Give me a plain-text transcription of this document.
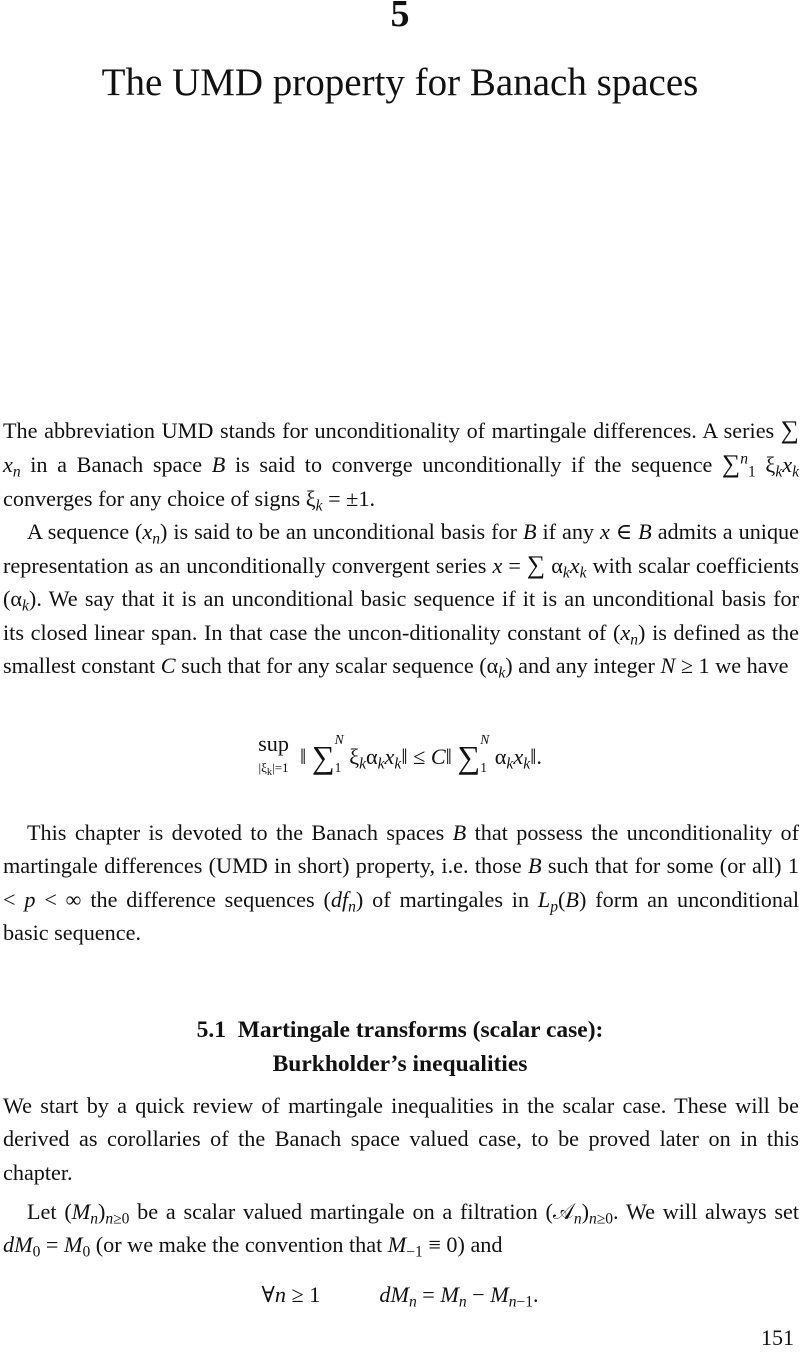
5
The UMD property for Banach spaces

The abbreviation UMD stands for unconditionality of martingale differences. A series ∑ $x_n$ in a Banach space B is said to converge unconditionally if the sequence ∑$^n_1$ $\xi_kx_k$ converges for any choice of signs $\xi_k = \pm 1$.

A sequence $(x_n)$ is said to be an unconditional basis for B if any x ∈ B admits a unique representation as an unconditionally convergent series x = ∑ $\alpha_kx_k$ with scalar coefficients $(\alpha_k)$. We say that it is an unconditional basic sequence if it is an unconditional basis for its closed linear span. In that case the uncon-ditionality constant of $(x_n)$ is defined as the smallest constant C such that for any scalar sequence $(\alpha_k)$ and any integer N ≥ 1 we have

sup
$|\xi_k|=1$ ‖ ∑ N
1 $\xi_k\alpha_kx_k‖$ ≤ C‖ ∑ N
1 $\alpha_kx_k‖$.

This chapter is devoted to the Banach spaces B that possess the unconditionality of martingale differences (UMD in short) property, i.e. those B such that for some (or all) 1 < p < ∞ the difference sequences $(df_n)$ of martingales in $L_p(B)$ form an unconditional basic sequence.

5.1 Martingale transforms (scalar case):
Burkholder’s inequalities

We start by a quick review of martingale inequalities in the scalar case. These will be derived as corollaries of the Banach space valued case, to be proved later on in this chapter.

Let $(M_n)_{n\ge 0}$ be a scalar valued martingale on a filtration $(𝒜_n)_{n\ge 0}$. We will always set $dM_0 = M_0$ (or we make the convention that $M_{-1} \equiv 0$) and

∀n ≥ 1	$dM_n = M_n - M_{n-1}$.
151
